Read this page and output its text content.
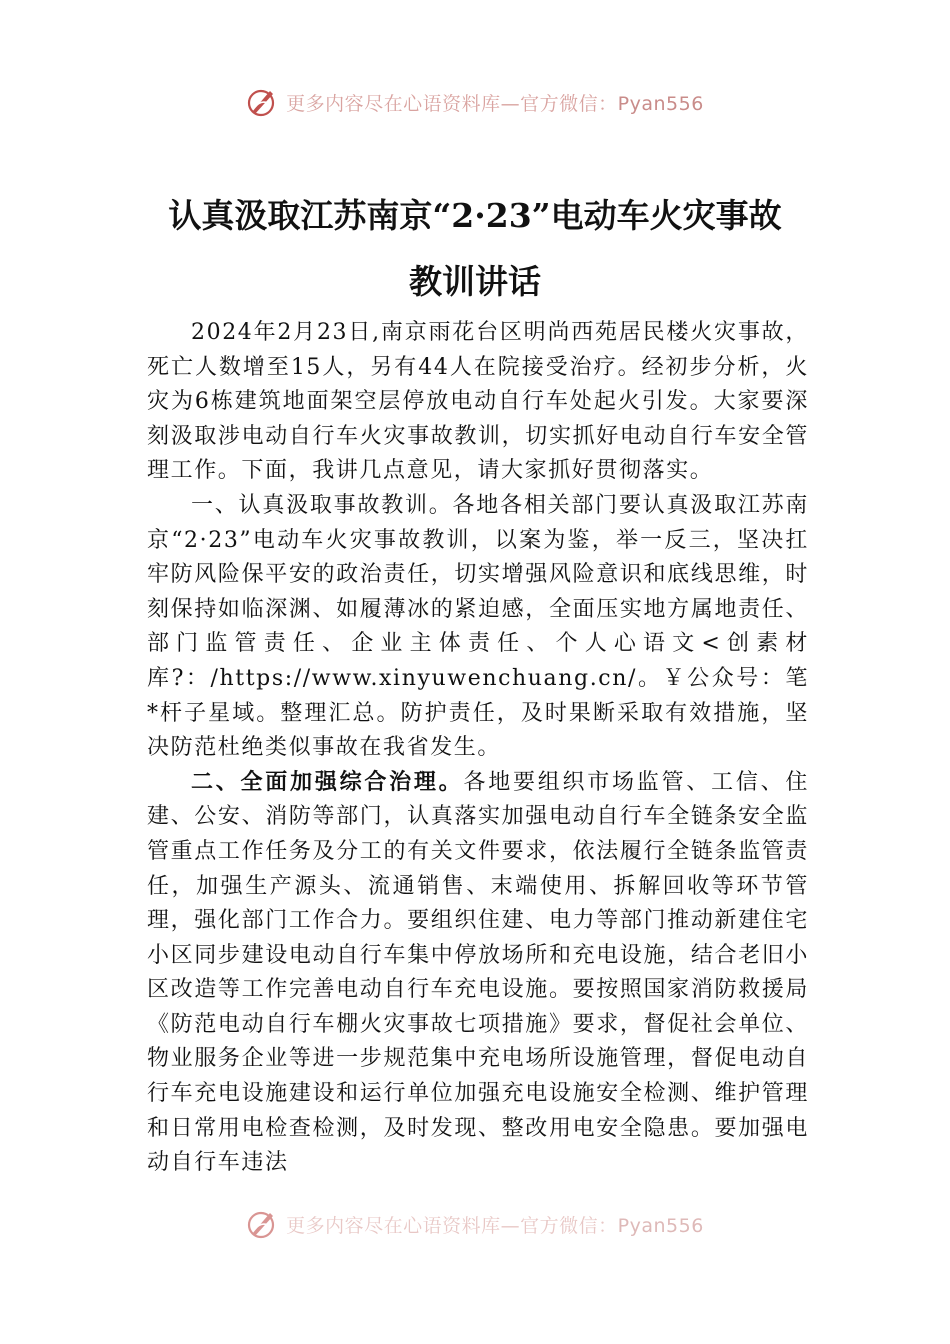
更多内容尽在心语资料库—官方微信：Pyan556
认真汲取江苏南京“2·23”电动车火灾事故
教训讲话

2024年2月23日,南京雨花台区明尚西苑居民楼火灾事故，死亡人数增至15人，另有44人在院接受治疗。经初步分析，火灾为6栋建筑地面架空层停放电动自行车处起火引发。大家要深刻汲取涉电动自行车火灾事故教训，切实抓好电动自行车安全管理工作。下面，我讲几点意见，请大家抓好贯彻落实。

一、认真汲取事故教训。各地各相关部门要认真汲取江苏南京“2·23”电动车火灾事故教训，以案为鉴，举一反三，坚决扛牢防风险保平安的政治责任，切实增强风险意识和底线思维，时刻保持如临深渊、如履薄冰的紧迫感，全面压实地方属地责任、部门监管责任、企业主体责任、个人心语文<创素材库?：/https://www.xinyuwenchuang.cn/。￥公众号：笔*杆子星域。整理汇总。防护责任，及时果断采取有效措施，坚决防范杜绝类似事故在我省发生。

二、全面加强综合治理。各地要组织市场监管、工信、住建、公安、消防等部门，认真落实加强电动自行车全链条安全监管重点工作任务及分工的有关文件要求，依法履行全链条监管责任，加强生产源头、流通销售、末端使用、拆解回收等环节管理，强化部门工作合力。要组织住建、电力等部门推动新建住宅小区同步建设电动自行车集中停放场所和充电设施，结合老旧小区改造等工作完善电动自行车充电设施。要按照国家消防救援局《防范电动自行车棚火灾事故七项措施》要求，督促社会单位、物业服务企业等进一步规范集中充电场所设施管理，督促电动自行车充电设施建设和运行单位加强充电设施安全检测、维护管理和日常用电检查检测，及时发现、整改用电安全隐患。要加强电动自行车违法

更多内容尽在心语资料库—官方微信：Pyan556
